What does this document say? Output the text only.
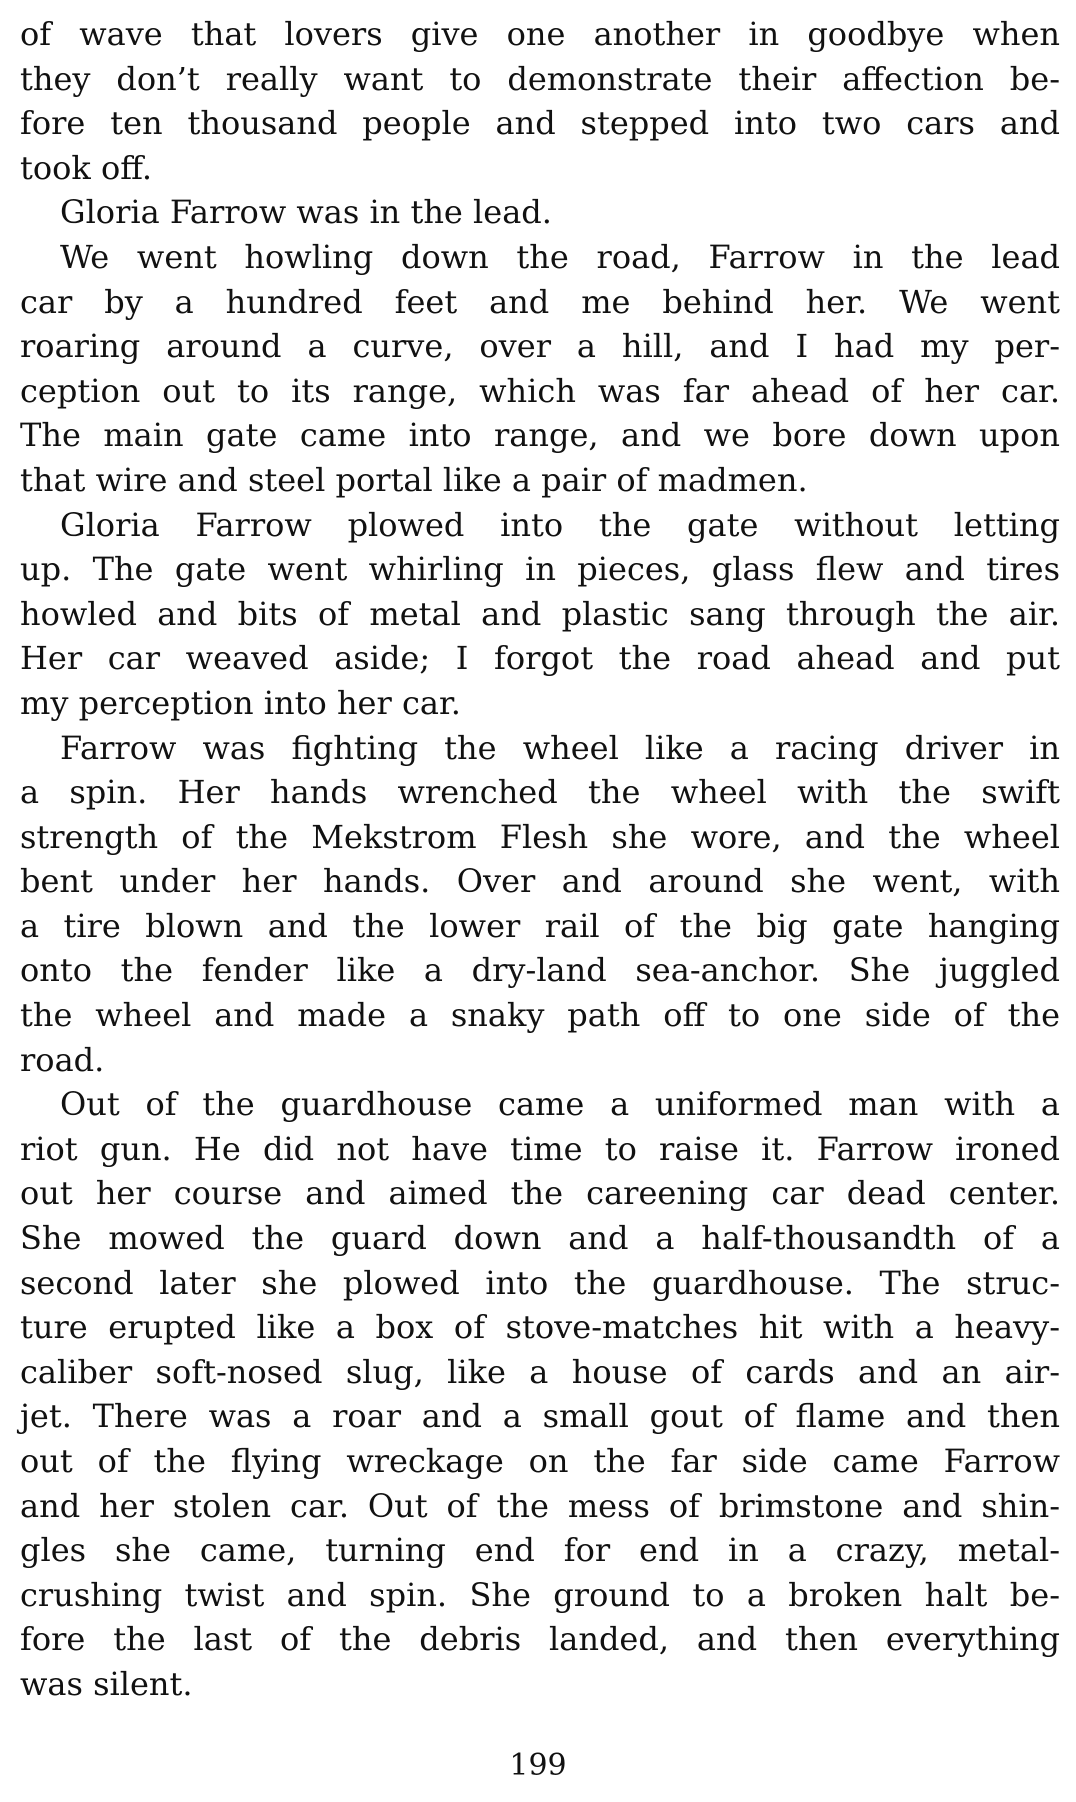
of wave that lovers give one another in goodbye when
they don’t really want to demonstrate their affection be-
fore ten thousand people and stepped into two cars and
took off.
Gloria Farrow was in the lead.
We went howling down the road, Farrow in the lead
car by a hundred feet and me behind her. We went
roaring around a curve, over a hill, and I had my per-
ception out to its range, which was far ahead of her car.
The main gate came into range, and we bore down upon
that wire and steel portal like a pair of madmen.
Gloria Farrow plowed into the gate without letting
up. The gate went whirling in pieces, glass flew and tires
howled and bits of metal and plastic sang through the air.
Her car weaved aside; I forgot the road ahead and put
my perception into her car.
Farrow was fighting the wheel like a racing driver in
a spin. Her hands wrenched the wheel with the swift
strength of the Mekstrom Flesh she wore, and the wheel
bent under her hands. Over and around she went, with
a tire blown and the lower rail of the big gate hanging
onto the fender like a dry-land sea-anchor. She juggled
the wheel and made a snaky path off to one side of the
road.
Out of the guardhouse came a uniformed man with a
riot gun. He did not have time to raise it. Farrow ironed
out her course and aimed the careening car dead center.
She mowed the guard down and a half-thousandth of a
second later she plowed into the guardhouse. The struc-
ture erupted like a box of stove-matches hit with a heavy-
caliber soft-nosed slug, like a house of cards and an air-
jet. There was a roar and a small gout of flame and then
out of the flying wreckage on the far side came Farrow
and her stolen car. Out of the mess of brimstone and shin-
gles she came, turning end for end in a crazy, metal-
crushing twist and spin. She ground to a broken halt be-
fore the last of the debris landed, and then everything
was silent.
199
